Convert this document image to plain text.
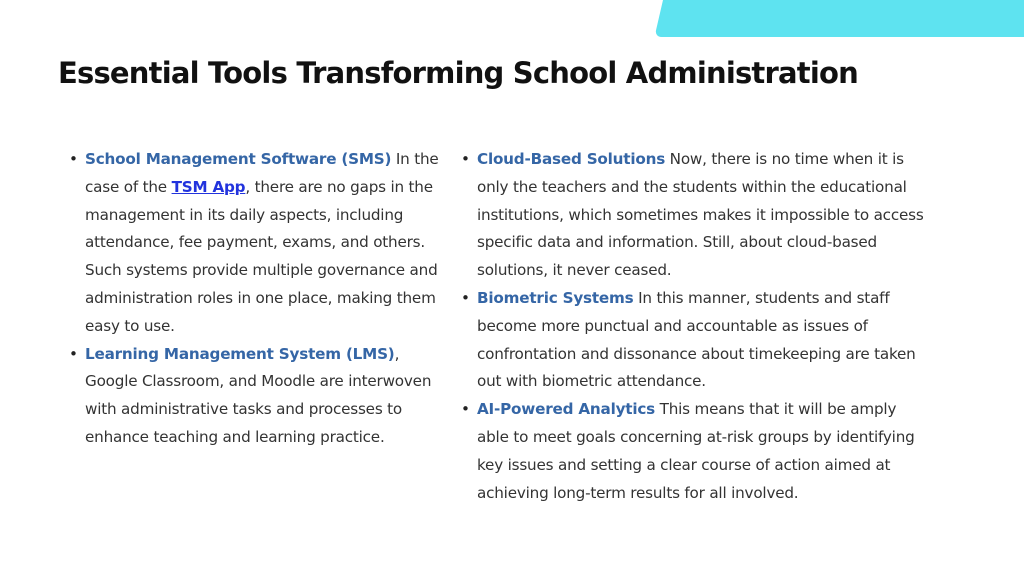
Essential Tools Transforming School Administration
• School Management Software (SMS) In the case of the TSM App, there are no gaps in the management in its daily aspects, including attendance, fee payment, exams, and others. Such systems provide multiple governance and administration roles in one place, making them easy to use.
• Learning Management System (LMS), Google Classroom, and Moodle are interwoven with administrative tasks and processes to enhance teaching and learning practice.
• Cloud-Based Solutions Now, there is no time when it is only the teachers and the students within the educational institutions, which sometimes makes it impossible to access specific data and information. Still, about cloud-based solutions, it never ceased.
• Biometric Systems In this manner, students and staff become more punctual and accountable as issues of confrontation and dissonance about timekeeping are taken out with biometric attendance.
• AI-Powered Analytics This means that it will be amply able to meet goals concerning at-risk groups by identifying key issues and setting a clear course of action aimed at achieving long-term results for all involved.
